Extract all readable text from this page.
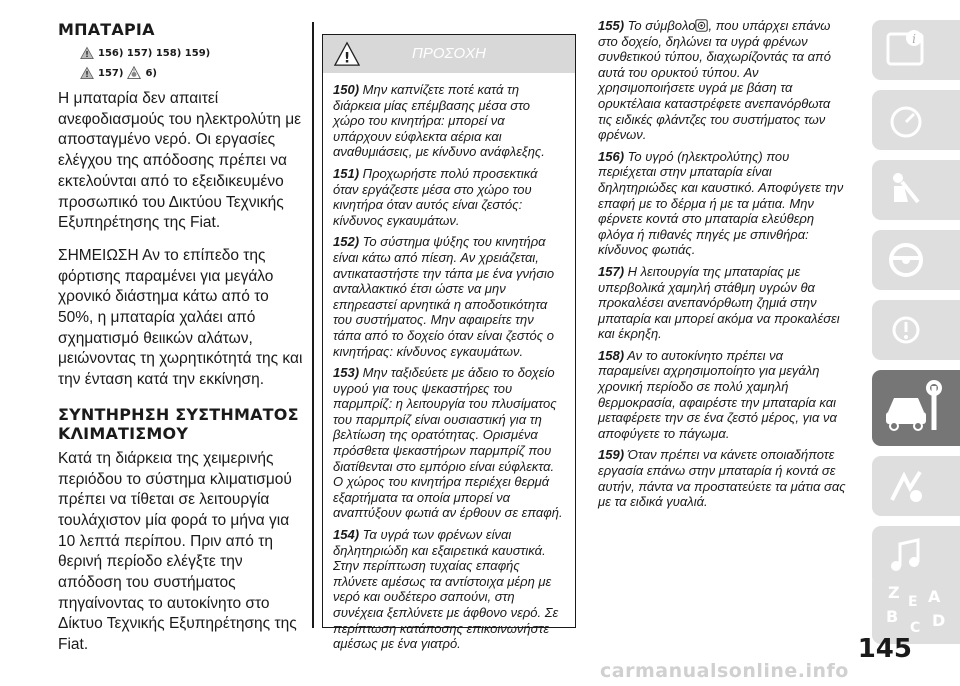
ΜΠΑΤΑΡΙΑ
! 156) 157) 158) 159)
! 157) 6)

Η μπαταρία δεν απαιτεί ανεφοδιασμούς του ηλεκτρολύτη με αποσταγμένο νερό. Οι εργασίες ελέγχου της απόδοσης πρέπει να εκτελούνται από το εξειδικευμένο προσωπικό του Δικτύου Τεχνικής Εξυπηρέτησης της Fiat.

ΣΗΜΕΙΩΣΗ Αν το επίπεδο της φόρτισης παραμένει για μεγάλο χρονικό διάστημα κάτω από το 50%, η μπαταρία χαλάει από σχηματισμό θειικών αλάτων, μειώνοντας τη χωρητικότητά της και την ένταση κατά την εκκίνηση.

ΣΥΝΤΗΡΗΣΗ ΣΥΣΤΗΜΑΤΟΣ
ΚΛΙΜΑΤΙΣΜΟΥ

Κατά τη διάρκεια της χειμερινής περιόδου το σύστημα κλιματισμού πρέπει να τίθεται σε λειτουργία τουλάχιστον μία φορά το μήνα για 10 λεπτά περίπου. Πριν από τη θερινή περίοδο ελέγξτε την απόδοση του συστήματος πηγαίνοντας το αυτοκίνητο στο Δίκτυο Τεχνικής Εξυπηρέτησης της Fiat.

!	ΠΡΟΣΟΧΗ

150) Μην καπνίζετε ποτέ κατά τη διάρκεια μίας επέμβασης μέσα στο χώρο του κινητήρα: μπορεί να υπάρχουν εύφλεκτα αέρια και αναθυμιάσεις, με κίνδυνο ανάφλεξης.

151) Προχωρήστε πολύ προσεκτικά όταν εργάζεστε μέσα στο χώρο του κινητήρα όταν αυτός είναι ζεστός: κίνδυνος εγκαυμάτων.

152) Το σύστημα ψύξης του κινητήρα είναι κάτω από πίεση. Αν χρειάζεται, αντικαταστήστε την τάπα με ένα γνήσιο ανταλλακτικό έτσι ώστε να μην επηρεαστεί αρνητικά η αποδοτικότητα του συστήματος. Μην αφαιρείτε την τάπα από το δοχείο όταν είναι ζεστός ο κινητήρας: κίνδυνος εγκαυμάτων.

153) Μην ταξιδεύετε με άδειο το δοχείο υγρού για τους ψεκαστήρες του παρμπρίζ: η λειτουργία του πλυσίματος του παρμπρίζ είναι ουσιαστική για τη βελτίωση της ορατότητας. Ορισμένα πρόσθετα ψεκαστήρων παρμπρίζ που διατίθενται στο εμπόριο είναι εύφλεκτα. Ο χώρος του κινητήρα περιέχει θερμά εξαρτήματα τα οποία μπορεί να αναπτύξουν φωτιά αν έρθουν σε επαφή.

154) Τα υγρά των φρένων είναι δηλητηριώδη και εξαιρετικά καυστικά. Στην περίπτωση τυχαίας επαφής πλύνετε αμέσως τα αντίστοιχα μέρη με νερό και ουδέτερο σαπούνι, στη συνέχεια ξεπλύνετε με άφθονο νερό. Σε περίπτωση κατάποσης επικοινωνήστε αμέσως με ένα γιατρό.

155) Το σύμβολο , που υπάρχει επάνω στο δοχείο, δηλώνει τα υγρά φρένων συνθετικού τύπου, διαχωρίζοντάς τα από αυτά του ορυκτού τύπου. Αν χρησιμοποιήσετε υγρά με βάση τα ορυκτέλαια καταστρέφετε ανεπανόρθωτα τις ειδικές φλάντζες του συστήματος των φρένων.

156) Το υγρό (ηλεκτρολύτης) που περιέχεται στην μπαταρία είναι δηλητηριώδες και καυστικό. Αποφύγετε την επαφή με το δέρμα ή με τα μάτια. Μην φέρνετε κοντά στο μπαταρία ελεύθερη φλόγα ή πιθανές πηγές με σπινθήρα: κίνδυνος φωτιάς.

157) Η λειτουργία της μπαταρίας με υπερβολικά χαμηλή στάθμη υγρών θα προκαλέσει ανεπανόρθωτη ζημιά στην μπαταρία και μπορεί ακόμα να προκαλέσει και έκρηξη.

158) Αν το αυτοκίνητο πρέπει να παραμείνει αχρησιμοποίητο για μεγάλη χρονική περίοδο σε πολύ χαμηλή θερμοκρασία, αφαιρέστε την μπαταρία και μεταφέρετε την σε ένα ζεστό μέρος, για να αποφύγετε το πάγωμα.

159) Όταν πρέπει να κάνετε οποιαδήποτε εργασία επάνω στην μπαταρία ή κοντά σε αυτήν, πάντα να προστατεύετε τα μάτια σας με τα ειδικά γυαλιά.

i
Z E A
B
C D
145
carmanualsonline.info
